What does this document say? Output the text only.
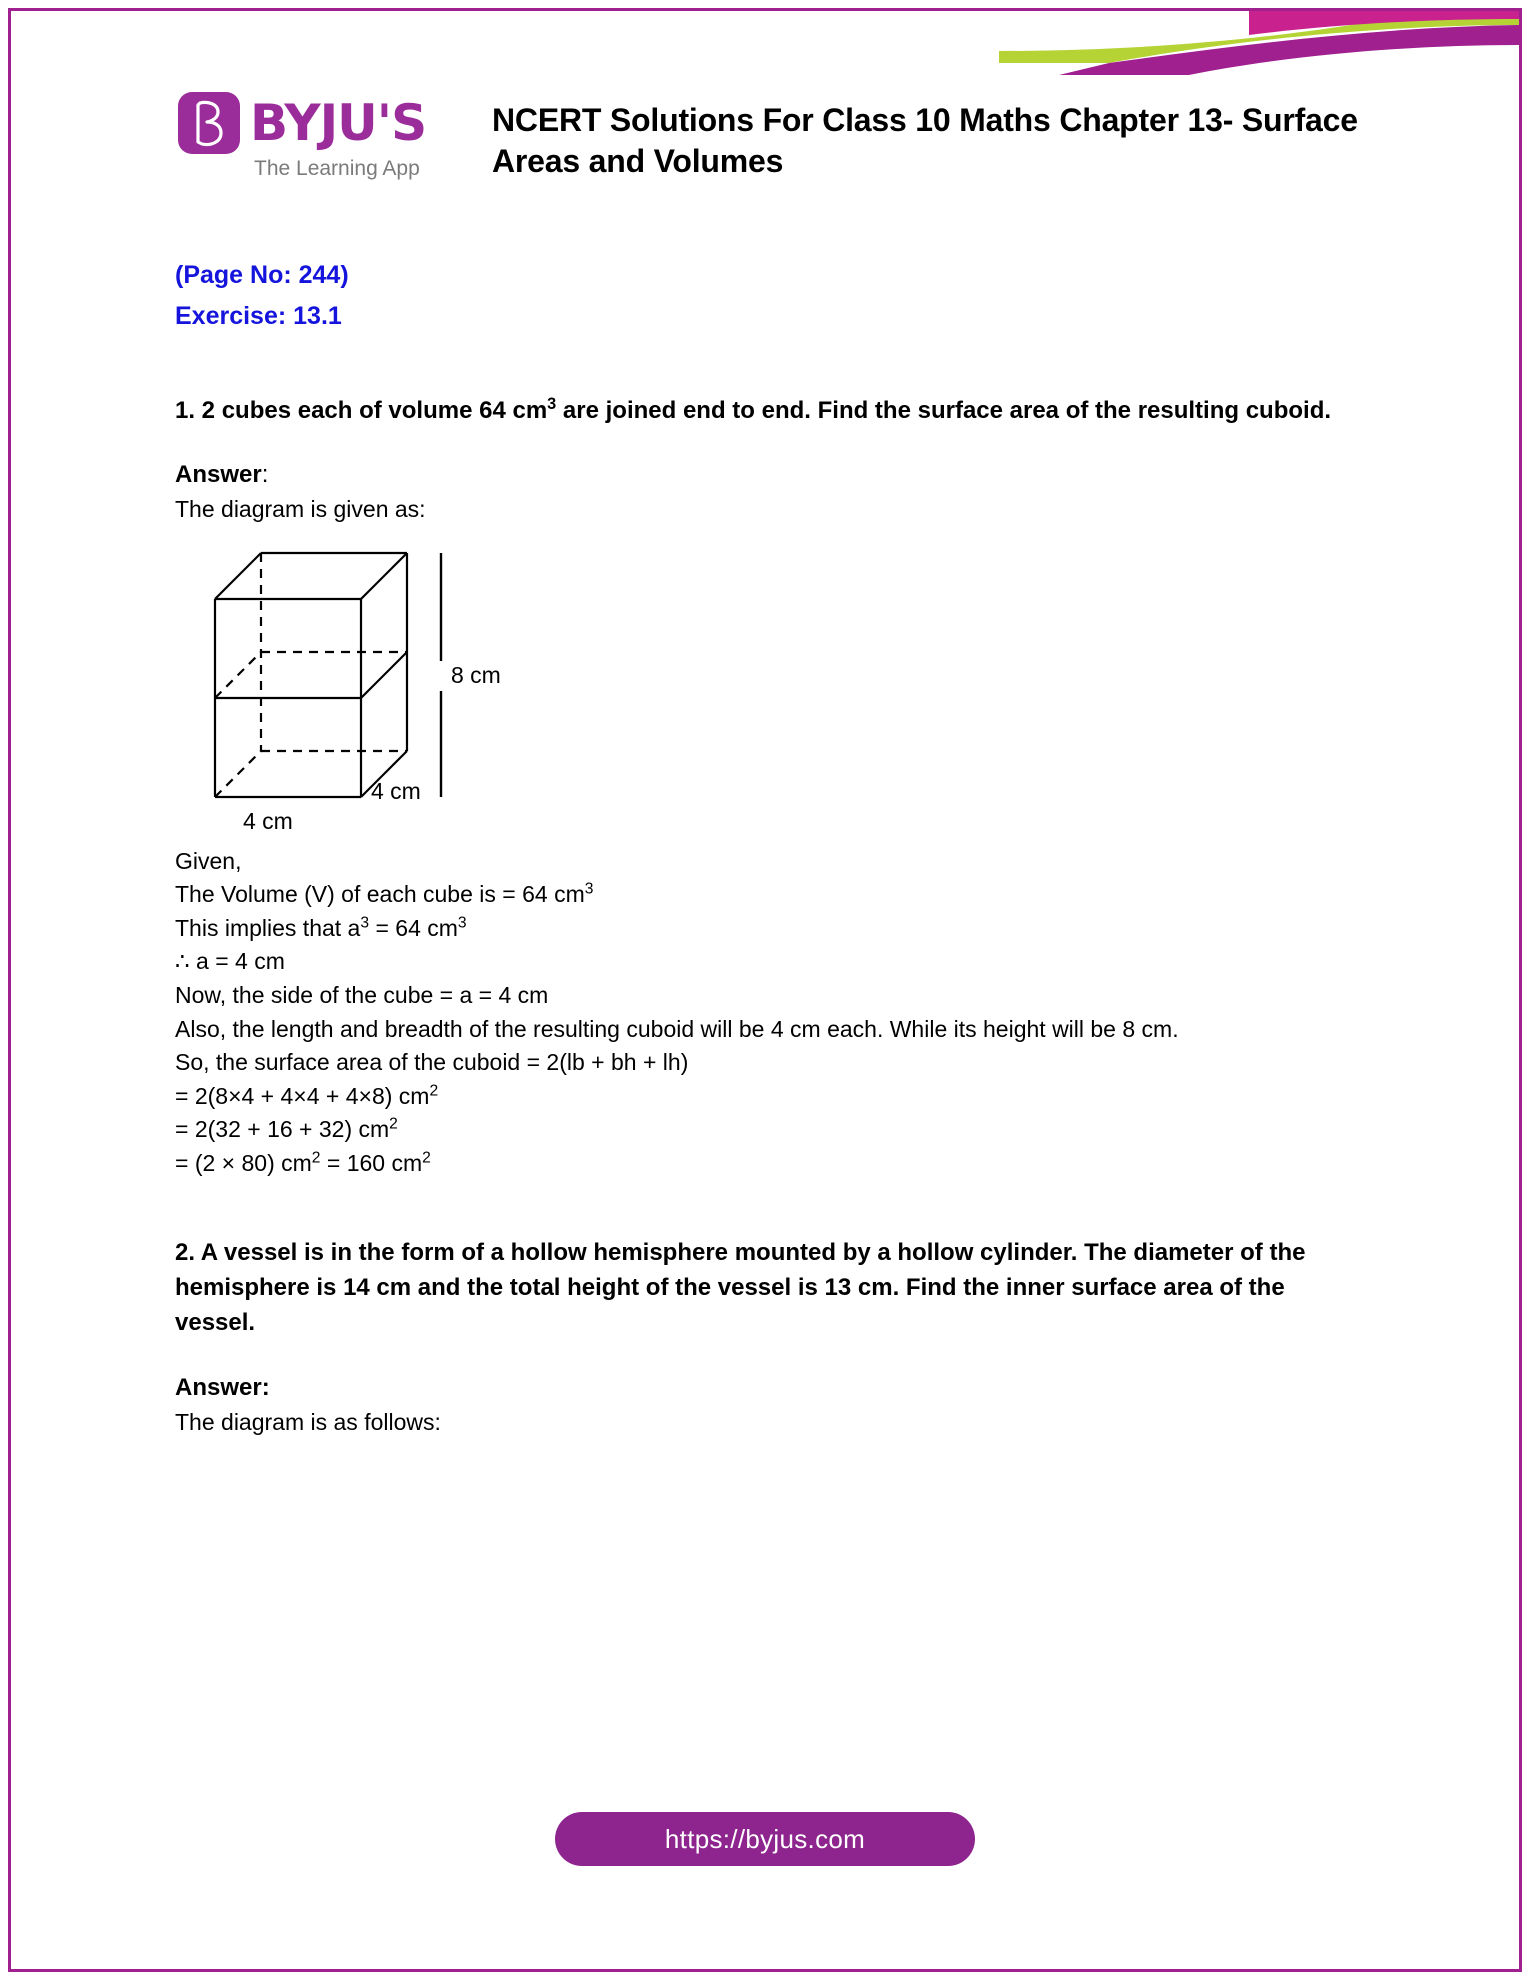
BYJU'S
The Learning App
NCERT Solutions For Class 10 Maths Chapter 13- Surface Areas and Volumes
(Page No: 244)
Exercise: 13.1
1. 2 cubes each of volume 64 $cm^3$ are joined end to end. Find the surface area of the resulting cuboid.
Answer:
The diagram is given as:
8 cm
4 cm
4 cm

Given,

The Volume (V) of each cube is = 64 $cm^3$

This implies that $a^3 = 64$ $cm^3$

∴ a = 4 cm

Now, the side of the cube = a = 4 cm

Also, the length and breadth of the resulting cuboid will be 4 cm each. While its height will be 8 cm.

So, the surface area of the cuboid = 2(lb + bh + lh)

= 2(8×4 + 4×4 + 4×8) $cm^2$

= 2(32 + 16 + 32) $cm^2$

= (2 × 80) $cm^2 = 160$ $cm^2$

2. A vessel is in the form of a hollow hemisphere mounted by a hollow cylinder. The diameter of the hemisphere is 14 cm and the total height of the vessel is 13 cm. Find the inner surface area of the vessel.
Answer:
The diagram is as follows:
https://byjus.com
